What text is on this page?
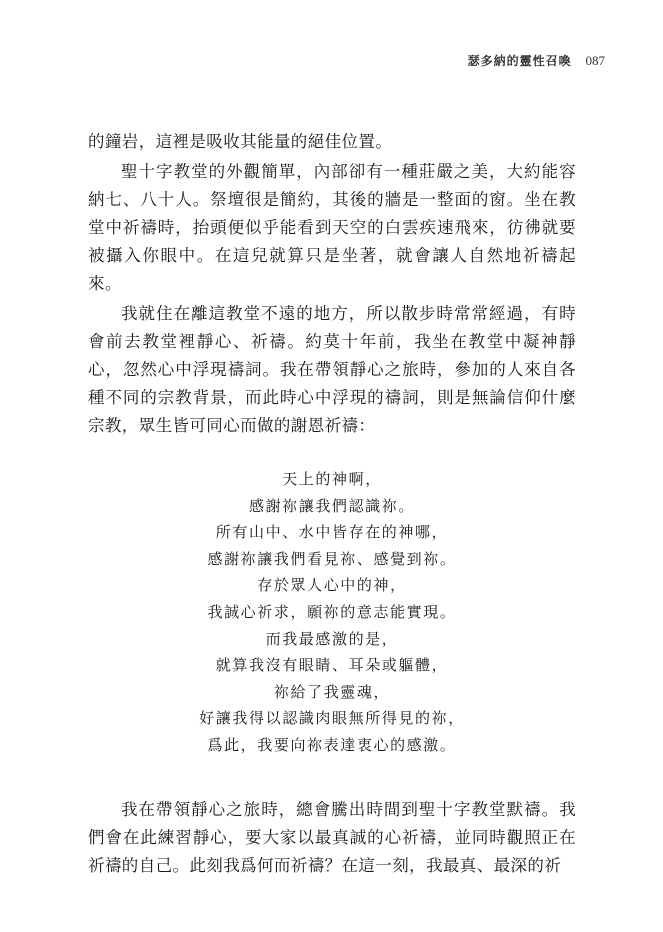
瑟多納的靈性召喚 087

的鐘岩，這裡是吸收其能量的絕佳位置。

聖十字教堂的外觀簡單，內部卻有一種莊嚴之美，大約能容納七、八十人。祭壇很是簡約，其後的牆是一整面的窗。坐在教堂中祈禱時，抬頭便似乎能看到天空的白雲疾速飛來，彷彿就要被攝入你眼中。在這兒就算只是坐著，就會讓人自然地祈禱起來。

我就住在離這教堂不遠的地方，所以散步時常常經過，有時會前去教堂裡靜心、祈禱。約莫十年前，我坐在教堂中凝神靜心，忽然心中浮現禱詞。我在帶領靜心之旅時，參加的人來自各種不同的宗教背景，而此時心中浮現的禱詞，則是無論信仰什麼宗教，眾生皆可同心而做的謝恩祈禱：

天上的神啊，
感謝祢讓我們認識祢。
所有山中、水中皆存在的神哪，
感謝祢讓我們看見祢、感覺到祢。
存於眾人心中的神，
我誠心祈求，願祢的意志能實現。
而我最感激的是，
就算我沒有眼睛、耳朵或軀體，
祢給了我靈魂，
好讓我得以認識肉眼無所得見的祢，
爲此，我要向祢表達衷心的感激。

我在帶領靜心之旅時，總會騰出時間到聖十字教堂默禱。我們會在此練習靜心，要大家以最真誠的心祈禱，並同時觀照正在祈禱的自己。此刻我爲何而祈禱？在這一刻，我最真、最深的祈
